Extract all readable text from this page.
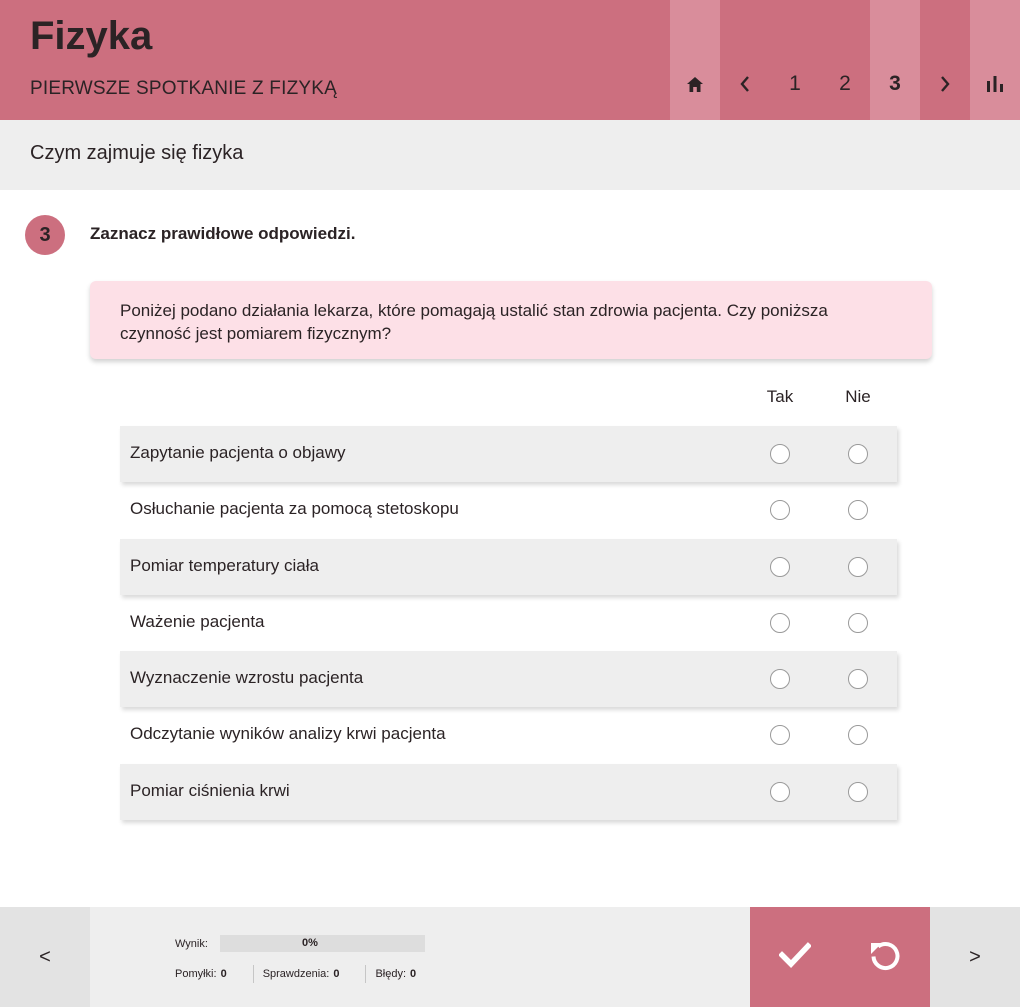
Fizyka
PIERWSZE SPOTKANIE Z FIZYKĄ	1	2	3
Czym zajmuje się fizyka
3	Zaznacz prawidłowe odpowiedzi.
Poniżej podano działania lekarza, które pomagają ustalić stan zdrowia pacjenta. Czy poniższa czynność jest pomiarem fizycznym?
Tak	Nie
Zapytanie pacjenta o objawy
Osłuchanie pacjenta za pomocą stetoskopu
Pomiar temperatury ciała
Ważenie pacjenta
Wyznaczenie wzrostu pacjenta
Odczytanie wyników analizy krwi pacjenta
Pomiar ciśnienia krwi
<
Wynik:	0%
Pomyłki: 0	Sprawdzenia: 0	Błędy: 0
>
